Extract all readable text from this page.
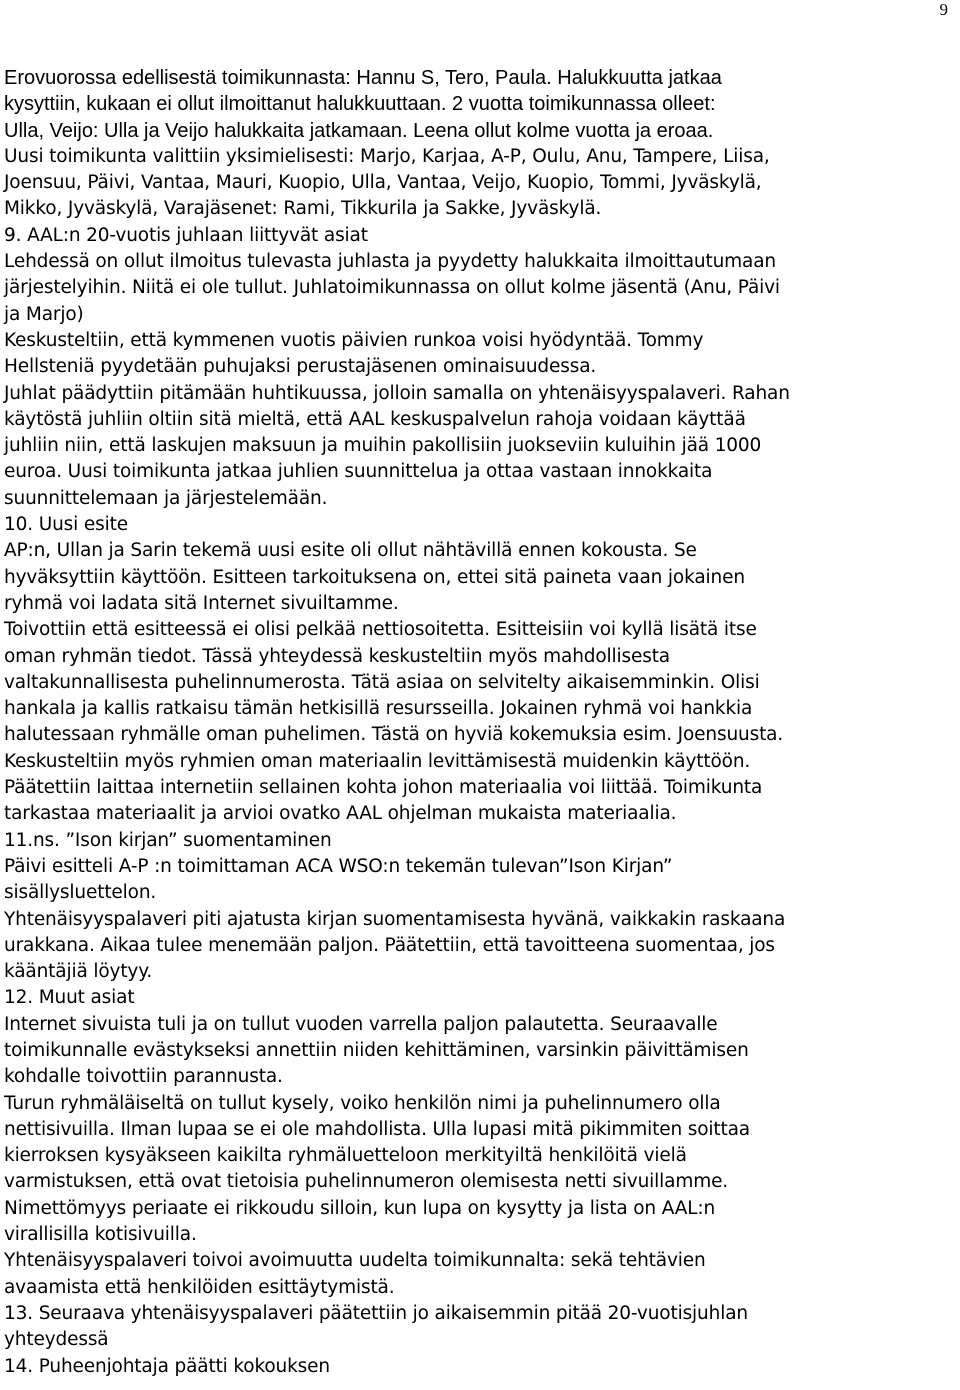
9
Erovuorossa edellisestä toimikunnasta: Hannu S, Tero, Paula. Halukkuutta jatkaa
kysyttiin, kukaan ei ollut ilmoittanut halukkuuttaan. 2 vuotta toimikunnassa olleet:
Ulla, Veijo: Ulla ja Veijo halukkaita jatkamaan. Leena ollut kolme vuotta ja eroaa.
Uusi toimikunta valittiin yksimielisesti: Marjo, Karjaa, A-P, Oulu, Anu, Tampere, Liisa,
Joensuu, Päivi, Vantaa, Mauri, Kuopio, Ulla, Vantaa, Veijo, Kuopio, Tommi, Jyväskylä,
Mikko, Jyväskylä, Varajäsenet: Rami, Tikkurila ja Sakke, Jyväskylä.
9. AAL:n 20-vuotis juhlaan liittyvät asiat
Lehdessä on ollut ilmoitus tulevasta juhlasta ja pyydetty halukkaita ilmoittautumaan
järjestelyihin. Niitä ei ole tullut. Juhlatoimikunnassa on ollut kolme jäsentä (Anu, Päivi
ja Marjo)
Keskusteltiin, että kymmenen vuotis päivien runkoa voisi hyödyntää. Tommy
Hellsteniä pyydetään puhujaksi perustajäsenen ominaisuudessa.
Juhlat päädyttiin pitämään huhtikuussa, jolloin samalla on yhtenäisyyspalaveri. Rahan
käytöstä juhliin oltiin sitä mieltä, että AAL keskuspalvelun rahoja voidaan käyttää
juhliin niin, että laskujen maksuun ja muihin pakollisiin juokseviin kuluihin jää 1000
euroa. Uusi toimikunta jatkaa juhlien suunnittelua ja ottaa vastaan innokkaita
suunnittelemaan ja järjestelemään.
10. Uusi esite
AP:n, Ullan ja Sarin tekemä uusi esite oli ollut nähtävillä ennen kokousta. Se
hyväksyttiin käyttöön. Esitteen tarkoituksena on, ettei sitä paineta vaan jokainen
ryhmä voi ladata sitä Internet sivuiltamme.
Toivottiin että esitteessä ei olisi pelkää nettiosoitetta. Esitteisiin voi kyllä lisätä itse
oman ryhmän tiedot. Tässä yhteydessä keskusteltiin myös mahdollisesta
valtakunnallisesta puhelinnumerosta. Tätä asiaa on selvitelty aikaisemminkin. Olisi
hankala ja kallis ratkaisu tämän hetkisillä resursseilla. Jokainen ryhmä voi hankkia
halutessaan ryhmälle oman puhelimen. Tästä on hyviä kokemuksia esim. Joensuusta.
Keskusteltiin myös ryhmien oman materiaalin levittämisestä muidenkin käyttöön.
Päätettiin laittaa internetiin sellainen kohta johon materiaalia voi liittää. Toimikunta
tarkastaa materiaalit ja arvioi ovatko AAL ohjelman mukaista materiaalia.
11.ns. ”Ison kirjan” suomentaminen
Päivi esitteli A-P :n toimittaman ACA WSO:n tekemän tulevan”Ison Kirjan”
sisällysluettelon.
Yhtenäisyyspalaveri piti ajatusta kirjan suomentamisesta hyvänä, vaikkakin raskaana
urakkana. Aikaa tulee menemään paljon. Päätettiin, että tavoitteena suomentaa, jos
kääntäjiä löytyy.
12. Muut asiat
Internet sivuista tuli ja on tullut vuoden varrella paljon palautetta. Seuraavalle
toimikunnalle evästykseksi annettiin niiden kehittäminen, varsinkin päivittämisen
kohdalle toivottiin parannusta.
Turun ryhmäläiseltä on tullut kysely, voiko henkilön nimi ja puhelinnumero olla
nettisivuilla. Ilman lupaa se ei ole mahdollista. Ulla lupasi mitä pikimmiten soittaa
kierroksen kysyäkseen kaikilta ryhmäluetteloon merkityiltä henkilöitä vielä
varmistuksen, että ovat tietoisia puhelinnumeron olemisesta netti sivuillamme.
Nimettömyys periaate ei rikkoudu silloin, kun lupa on kysytty ja lista on AAL:n
virallisilla kotisivuilla.
Yhtenäisyyspalaveri toivoi avoimuutta uudelta toimikunnalta: sekä tehtävien
avaamista että henkilöiden esittäytymistä.
13. Seuraava yhtenäisyyspalaveri päätettiin jo aikaisemmin pitää 20-vuotisjuhlan
yhteydessä
14. Puheenjohtaja päätti kokouksen
